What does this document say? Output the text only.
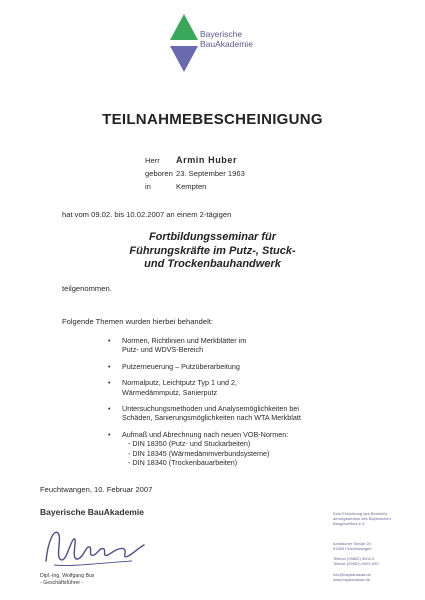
Bayerische
BauAkademie
TEILNAHMEBESCHEINIGUNG
Herr Armin Huber
geboren 23. September 1963
in	Kempten
hat vom 09.02. bis 10.02.2007 an einem 2-tägigen
Fortbildungsseminar für
Führungskräfte im Putz-, Stuck-
und Trockenbauhandwerk
teilgenommen.
Folgende Themen wurden hierbei behandelt:
• Normen, Richtlinien und Merkblätter im
Putz- und WDVS-Bereich
• Putzerneuerung – Putzüberarbeitung
• Normalputz, Leichtputz Typ 1 und 2,
Wärmedämmputz, Sanierputz
• Untersuchungsmethoden und Analysemöglichkeiten bei
Schäden, Sanierungsmöglichkeiten nach WTA Merkblatt
• Aufmaß und Abrechnung nach neuen VOB-Normen:
- DIN 18350 (Putz- und Stuckarbeiten)
- DIN 18345 (Wärmedämmverbundsysteme)
- DIN 18340 (Trockenbauarbeiten)
Feuchtwangen, 10. Februar 2007
Bayerische BauAkademie
Dipl.-Ing. Wolfgang Bux
- Geschäftsführer -
Eine Einrichtung des Berufsför-
derungswerkes des Bayerischen
Baugewerbes e.V.
Ansbacher Straße 20
91555 Feuchtwangen
Telefon (09852) 9002-0
Telefax (09852) 9002-999
info@baybauakad.de
www.baybauakad.de
